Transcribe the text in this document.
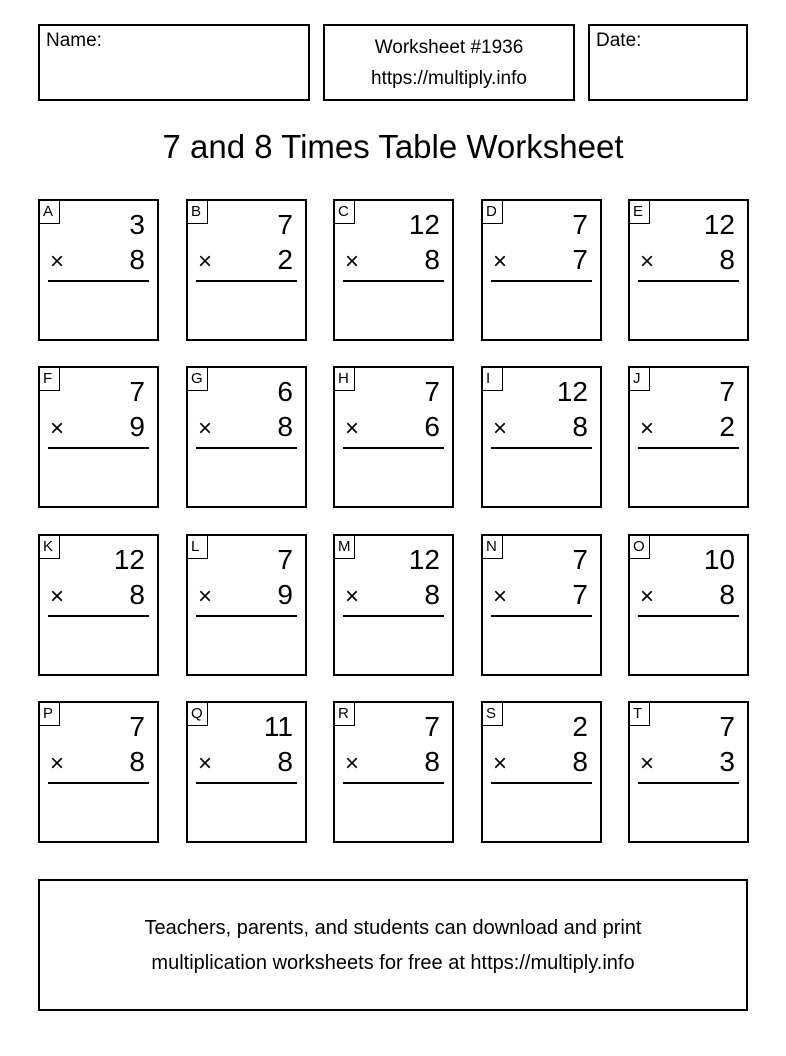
Name:	Worksheet #1936
https://multiply.info
Date:
7 and 8 Times Table Worksheet
A	3
× 8
B	7
× 2
C 12
× 8
D	7
× 7
E 12
× 8
F	7
× 9
G	6
× 8
H	7
× 6
I	12
× 8
J	7
× 2
K 12
× 8
L	7
× 9
M 12
× 8
N	7
× 7
O 10
× 8
P	7
× 8
Q 11
× 8
R	7
× 8
S	2
× 8
T	7
× 3
Teachers, parents, and students can download and print
multiplication worksheets for free at https://multiply.info
